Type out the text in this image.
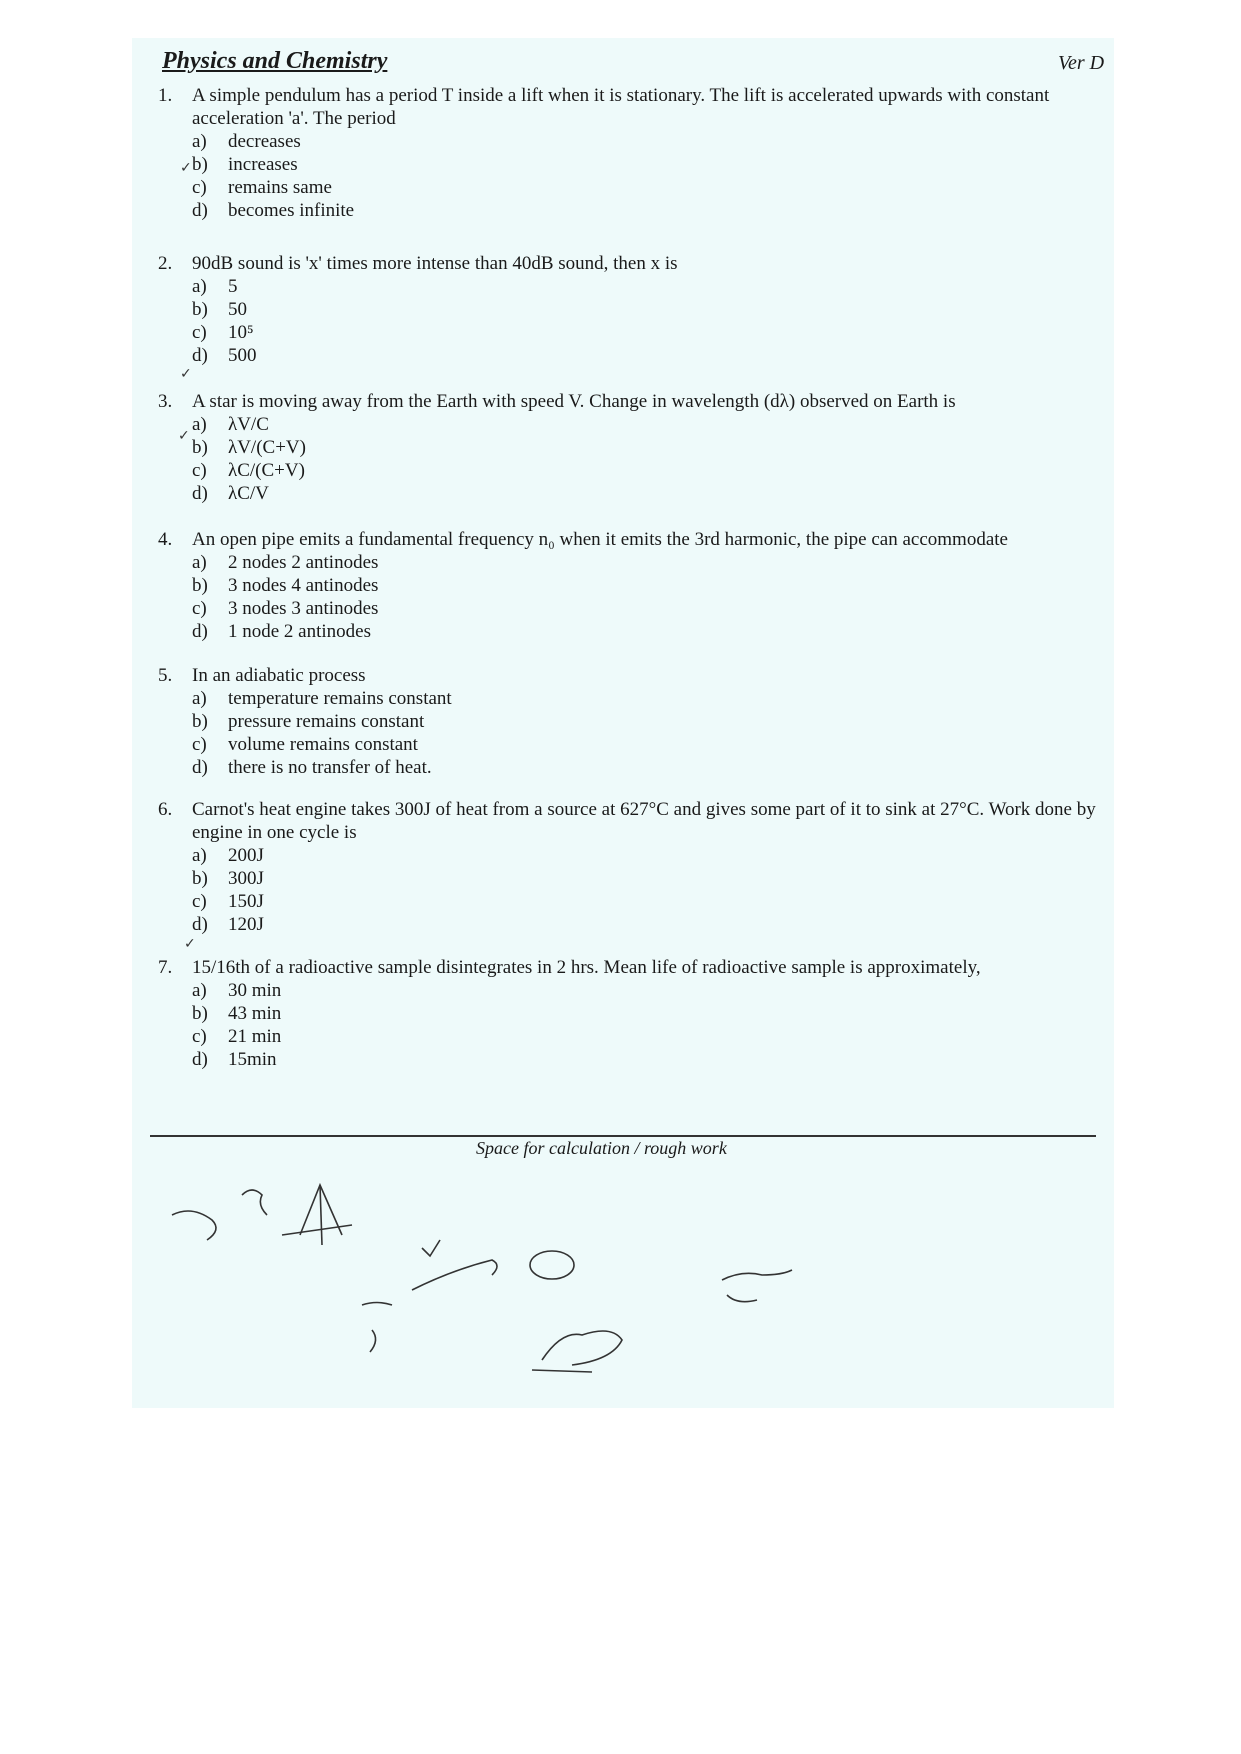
Physics and Chemistry	Ver D
1.	A simple pendulum has a period T inside a lift when it is stationary. The lift is accelerated upwards with constant acceleration 'a'. The period
a)	decreases
b)	increases
c)	remains same
d)	becomes infinite
2.	90dB sound is 'x' times more intense than 40dB sound, then x is
a)	5
b)	50
c)	10⁵
d)	500
3.	A star is moving away from the Earth with speed V. Change in wavelength (dλ) observed on Earth is
a)	λV/C
b)	λV/(C+V)
c)	λC/(C+V)
d)	λC/V
4.	An open pipe emits a fundamental frequency n₀ when it emits the 3rd harmonic, the pipe can accommodate
a)	2 nodes 2 antinodes
b)	3 nodes 4 antinodes
c)	3 nodes 3 antinodes
d)	1 node 2 antinodes
5.	In an adiabatic process
a)	temperature remains constant
b)	pressure remains constant
c)	volume remains constant
d)	there is no transfer of heat.
6.	Carnot's heat engine takes 300J of heat from a source at 627°C and gives some part of it to sink at 27°C. Work done by engine in one cycle is
a)	200J
b)	300J
c)	150J
d)	120J
7.	15/16th of a radioactive sample disintegrates in 2 hrs. Mean life of radioactive sample is approximately,
a)	30 min
b)	43 min
c)	21 min
d)	15min
✓
✓
✓
✓
Space for calculation / rough work
